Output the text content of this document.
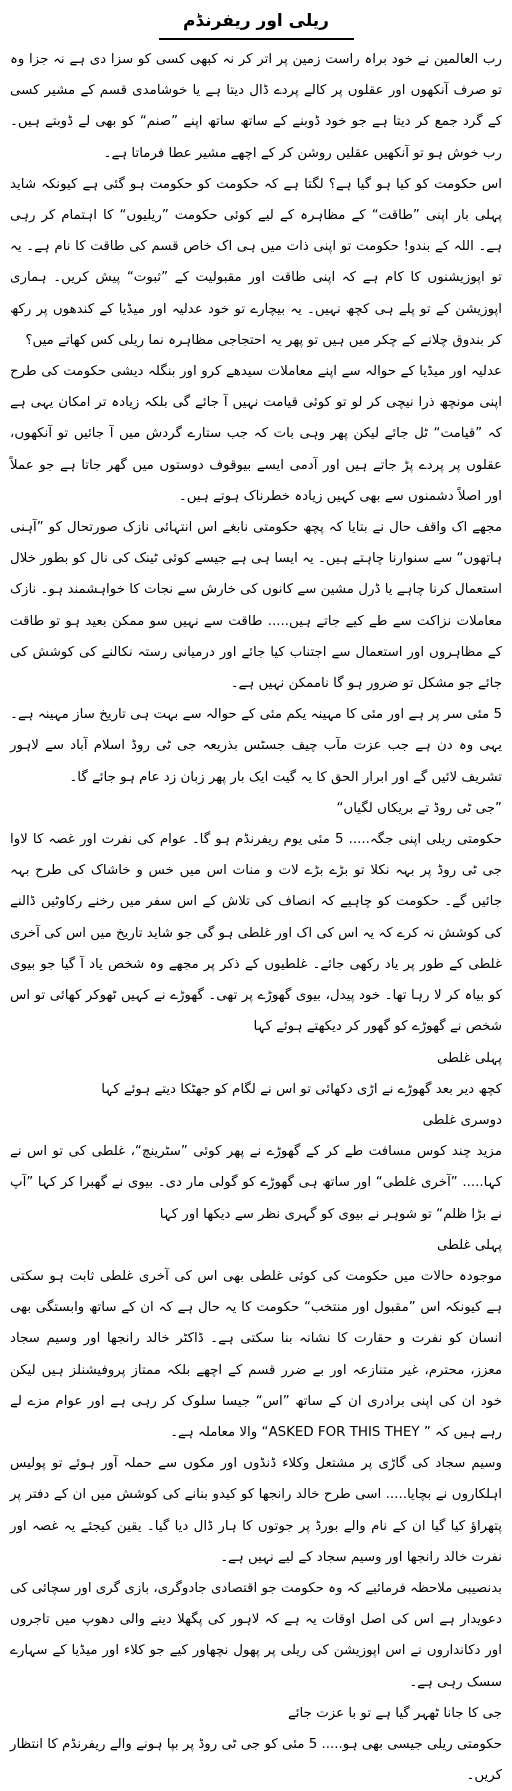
ریلی اور ریفرنڈم

رب العالمین نے خود براہ راست زمین پر اتر کر نہ کبھی کسی کو سزا دی ہے نہ جزا وہ تو صرف آنکھوں اور عقلوں پر کالے پردے ڈال دیتا ہے یا خوشامدی قسم کے مشیر کسی کے گرد جمع کر دیتا ہے جو خود ڈوبنے کے ساتھ ساتھ اپنے ”صنم“ کو بھی لے ڈوبتے ہیں۔ رب خوش ہو تو آنکھیں عقلیں روشن کر کے اچھے مشیر عطا فرماتا ہے۔

اس حکومت کو کیا ہو گیا ہے؟ لگتا ہے کہ حکومت کو حکومت ہو گئی ہے کیونکہ شاید پہلی بار اپنی ”طاقت“ کے مظاہرہ کے لیے کوئی حکومت ”ریلیوں“ کا اہتمام کر رہی ہے۔ اللہ کے بندو! حکومت تو اپنی ذات میں ہی اک خاص قسم کی طاقت کا نام ہے۔ یہ تو اپوزیشنوں کا کام ہے کہ اپنی طاقت اور مقبولیت کے ”ثبوت“ پیش کریں۔ ہماری اپوزیشن کے تو پلے ہی کچھ نہیں۔ یہ بیچارے تو خود عدلیہ اور میڈیا کے کندھوں پر رکھ کر بندوق چلانے کے چکر میں ہیں تو پھر یہ احتجاجی مظاہرہ نما ریلی کس کھاتے میں؟

عدلیہ اور میڈیا کے حوالہ سے اپنے معاملات سیدھے کرو اور بنگلہ دیشی حکومت کی طرح اپنی مونچھ ذرا نیچی کر لو تو کوئی قیامت نہیں آ جائے گی بلکہ زیادہ تر امکان یہی ہے کہ ”قیامت“ ٹل جائے لیکن پھر وہی بات کہ جب ستارے گردش میں آ جائیں تو آنکھوں، عقلوں پر پردے پڑ جاتے ہیں اور آدمی ایسے بیوقوف دوستوں میں گھر جاتا ہے جو عملاً اور اصلاً دشمنوں سے بھی کہیں زیادہ خطرناک ہوتے ہیں۔

مجھے اک واقف حال نے بتایا کہ پچھ حکومتی نابغے اس انتہائی نازک صورتحال کو ”آہنی ہاتھوں“ سے سنوارنا چاہتے ہیں۔ یہ ایسا ہی ہے جیسے کوئی ٹینک کی نال کو بطور خلال استعمال کرنا چاہے یا ڈرل مشین سے کانوں کی خارش سے نجات کا خواہشمند ہو۔ نازک معاملات نزاکت سے طے کیے جاتے ہیں..... طاقت سے نہیں سو ممکن بعید ہو تو طاقت کے مظاہروں اور استعمال سے اجتناب کیا جائے اور درمیانی رستہ نکالنے کی کوشش کی جائے جو مشکل تو ضرور ہو گا ناممکن نہیں ہے۔

5 مئی سر پر ہے اور مئی کا مہینہ یکم مئی کے حوالہ سے بہت ہی تاریخ ساز مہینہ ہے۔ یہی وہ دن ہے جب عزت مآب چیف جسٹس بذریعہ جی ٹی روڈ اسلام آباد سے لاہور تشریف لائیں گے اور ابرار الحق کا یہ گیت ایک بار پھر زبان زد عام ہو جائے گا۔

”جی ٹی روڈ تے بریکاں لگیاں“

حکومتی ریلی اپنی جگہ..... 5 مئی یوم ریفرنڈم ہو گا۔ عوام کی نفرت اور غصہ کا لاوا جی ٹی روڈ پر بہہ نکلا تو بڑے بڑے لات و منات اس میں خس و خاشاک کی طرح بہہ جائیں گے۔ حکومت کو چاہیے کہ انصاف کی تلاش کے اس سفر میں رخنے رکاوٹیں ڈالنے کی کوشش نہ کرے کہ یہ اس کی اک اور غلطی ہو گی جو شاید تاریخ میں اس کی آخری غلطی کے طور پر یاد رکھی جائے۔ غلطیوں کے ذکر پر مجھے وہ شخص یاد آ گیا جو بیوی کو بیاہ کر لا رہا تھا۔ خود پیدل، بیوی گھوڑے پر تھی۔ گھوڑے نے کہیں ٹھوکر کھائی تو اس شخص نے گھوڑے کو گھور کر دیکھتے ہوئے کہا

پہلی غلطی

کچھ دیر بعد گھوڑے نے اڑی دکھائی تو اس نے لگام کو جھٹکا دیتے ہوئے کہا

دوسری غلطی

مزید چند کوس مسافت طے کر کے گھوڑے نے پھر کوئی ”سٹرینچ“، غلطی کی تو اس نے کہا..... ”آخری غلطی“ اور ساتھ ہی گھوڑے کو گولی مار دی۔ بیوی نے گھبرا کر کہا ”آپ نے بڑا ظلم“ تو شوہر نے بیوی کو گہری نظر سے دیکھا اور کہا

پہلی غلطی

موجودہ حالات میں حکومت کی کوئی غلطی بھی اس کی آخری غلطی ثابت ہو سکتی ہے کیونکہ اس ”مقبول اور منتخب“ حکومت کا یہ حال ہے کہ ان کے ساتھ وابستگی بھی انسان کو نفرت و حقارت کا نشانہ بنا سکتی ہے۔ ڈاکٹر خالد رانجھا اور وسیم سجاد معزز، محترم، غیر متنازعہ اور بے ضرر قسم کے اچھے بلکہ ممتاز پروفیشنلز ہیں لیکن خود ان کی اپنی برادری ان کے ساتھ ”اس“ جیسا سلوک کر رہی ہے اور عوام مزے لے رہے ہیں کہ ” ASKED FOR THIS THEY“ والا معاملہ ہے۔

وسیم سجاد کی گاڑی پر مشتعل وکلاء ڈنڈوں اور مکوں سے حملہ آور ہوئے تو پولیس اہلکاروں نے بچایا..... اسی طرح خالد رانجھا کو کیدو بنانے کی کوشش میں ان کے دفتر پر پتھراؤ کیا گیا ان کے نام والے بورڈ پر جوتوں کا ہار ڈال دیا گیا۔ یقین کیجئے یہ غصہ اور نفرت خالد رانجھا اور وسیم سجاد کے لیے نہیں ہے۔

بدنصیبی ملاحظہ فرمائیے کہ وہ حکومت جو اقتصادی جادوگری، بازی گری اور سچائی کی دعویدار ہے اس کی اصل اوقات یہ ہے کہ لاہور کی پگھلا دینے والی دھوپ میں تاجروں اور دکانداروں نے اس اپوزیشن کی ریلی پر پھول نچھاور کیے جو کلاء اور میڈیا کے سہارے سسک رہی ہے۔

جی کا جانا ٹھہر گیا ہے تو با عزت جائے

حکومتی ریلی جیسی بھی ہو..... 5 مئی کو جی ٹی روڈ پر بپا ہونے والے ریفرنڈم کا انتظار کریں۔
